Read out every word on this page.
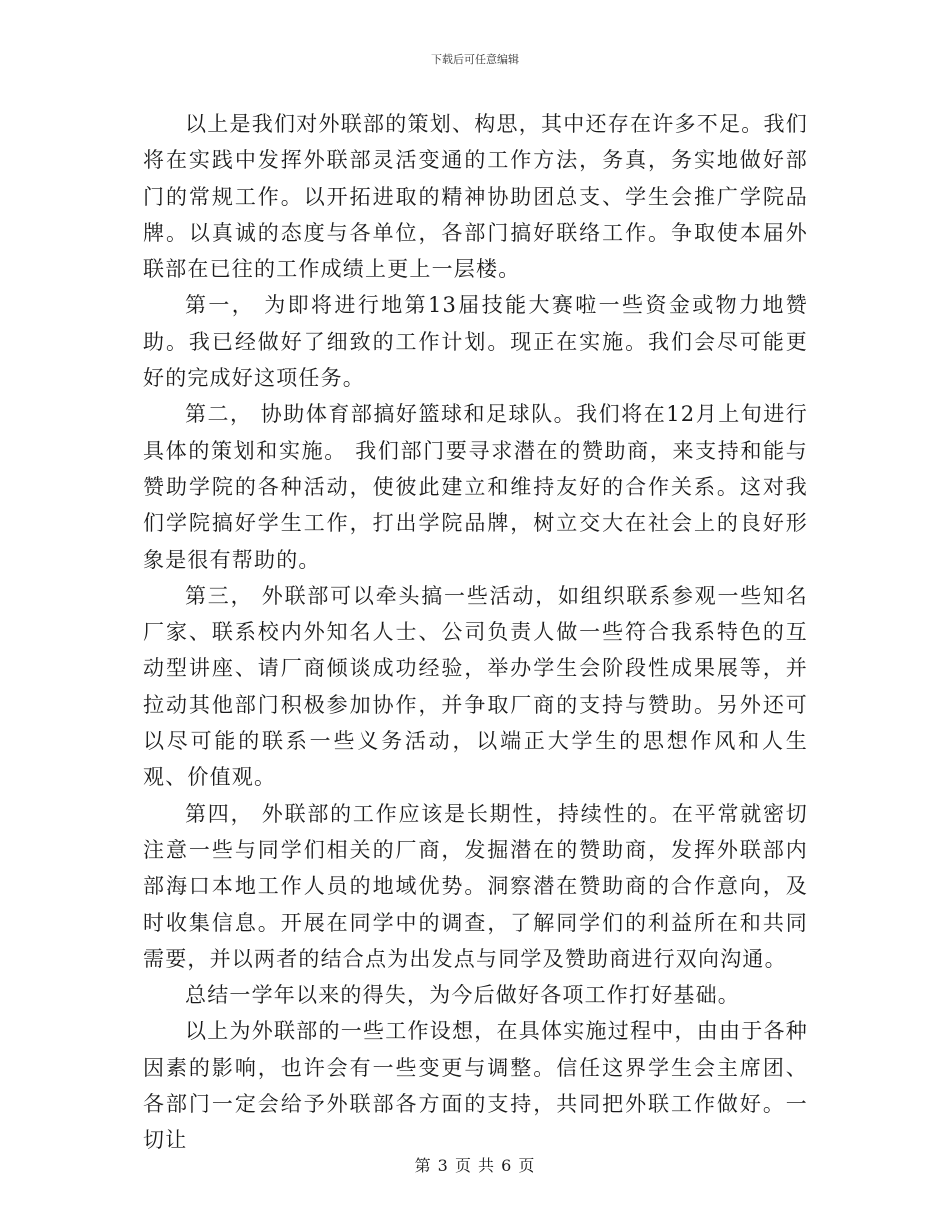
下载后可任意编辑

以上是我们对外联部的策划、构思，其中还存在许多不足。我们将在实践中发挥外联部灵活变通的工作方法，务真，务实地做好部门的常规工作。以开拓进取的精神协助团总支、学生会推广学院品牌。以真诚的态度与各单位，各部门搞好联络工作。争取使本届外联部在已往的工作成绩上更上一层楼。

第一， 为即将进行地第13届技能大赛啦一些资金或物力地赞助。我已经做好了细致的工作计划。现正在实施。我们会尽可能更好的完成好这项任务。

第二， 协助体育部搞好篮球和足球队。我们将在12月上旬进行具体的策划和实施。 我们部门要寻求潜在的赞助商，来支持和能与赞助学院的各种活动，使彼此建立和维持友好的合作关系。这对我们学院搞好学生工作，打出学院品牌，树立交大在社会上的良好形象是很有帮助的。

第三， 外联部可以牵头搞一些活动，如组织联系参观一些知名厂家、联系校内外知名人士、公司负责人做一些符合我系特色的互动型讲座、请厂商倾谈成功经验，举办学生会阶段性成果展等，并拉动其他部门积极参加协作，并争取厂商的支持与赞助。另外还可以尽可能的联系一些义务活动，以端正大学生的思想作风和人生观、价值观。

第四， 外联部的工作应该是长期性，持续性的。在平常就密切注意一些与同学们相关的厂商，发掘潜在的赞助商，发挥外联部内部海口本地工作人员的地域优势。洞察潜在赞助商的合作意向，及时收集信息。开展在同学中的调查，了解同学们的利益所在和共同需要，并以两者的结合点为出发点与同学及赞助商进行双向沟通。

总结一学年以来的得失，为今后做好各项工作打好基础。

以上为外联部的一些工作设想，在具体实施过程中，由由于各种因素的影响，也许会有一些变更与调整。信任这界学生会主席团、各部门一定会给予外联部各方面的支持，共同把外联工作做好。一切让

第 3 页 共 6 页
